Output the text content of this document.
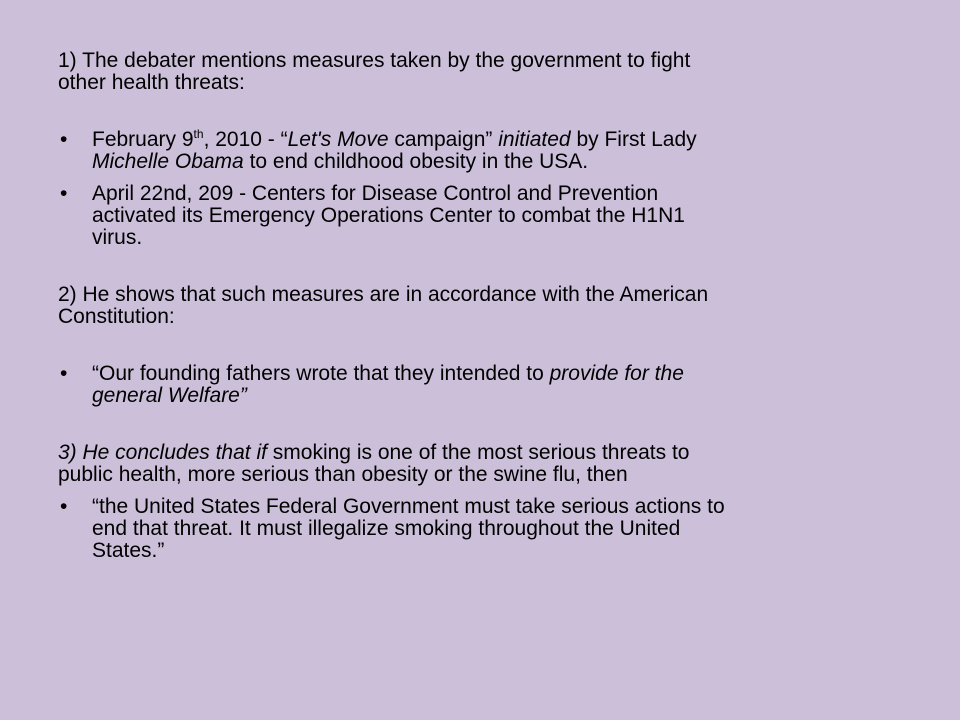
1) The debater mentions measures taken by the government to fight
other health threats:
• February 9th, 2010 - “Let's Move campaign” initiated by First Lady
Michelle Obama to end childhood obesity in the USA.
• April 22nd, 209 - Centers for Disease Control and Prevention
activated its Emergency Operations Center to combat the H1N1
virus.
2) He shows that such measures are in accordance with the American
Constitution:
• “Our founding fathers wrote that they intended to provide for the
general Welfare”
3) He concludes that if smoking is one of the most serious threats to
public health, more serious than obesity or the swine flu, then
• “the United States Federal Government must take serious actions to
end that threat. It must illegalize smoking throughout the United
States.”
